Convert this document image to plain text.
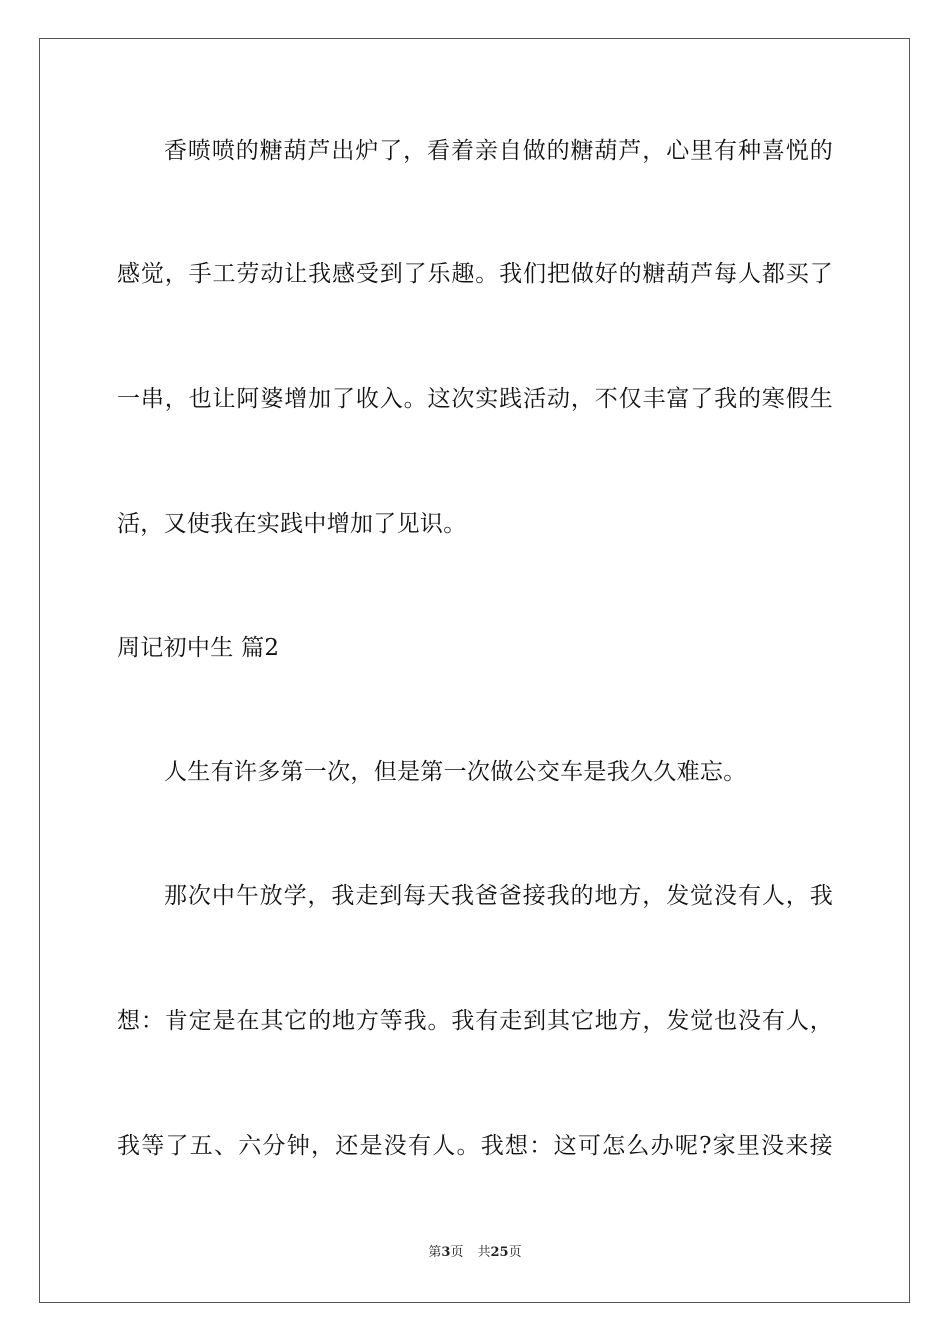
香喷喷的糖葫芦出炉了，看着亲自做的糖葫芦，心里有种喜悦的
感觉，手工劳动让我感受到了乐趣。我们把做好的糖葫芦每人都买了
一串，也让阿婆增加了收入。这次实践活动，不仅丰富了我的寒假生
活，又使我在实践中增加了见识。
周记初中生 篇2
人生有许多第一次，但是第一次做公交车是我久久难忘。
那次中午放学，我走到每天我爸爸接我的地方，发觉没有人，我
想：肯定是在其它的地方等我。我有走到其它地方，发觉也没有人，
我等了五、六分钟，还是没有人。我想：这可怎么办呢?家里没来接
第3页 共25页
